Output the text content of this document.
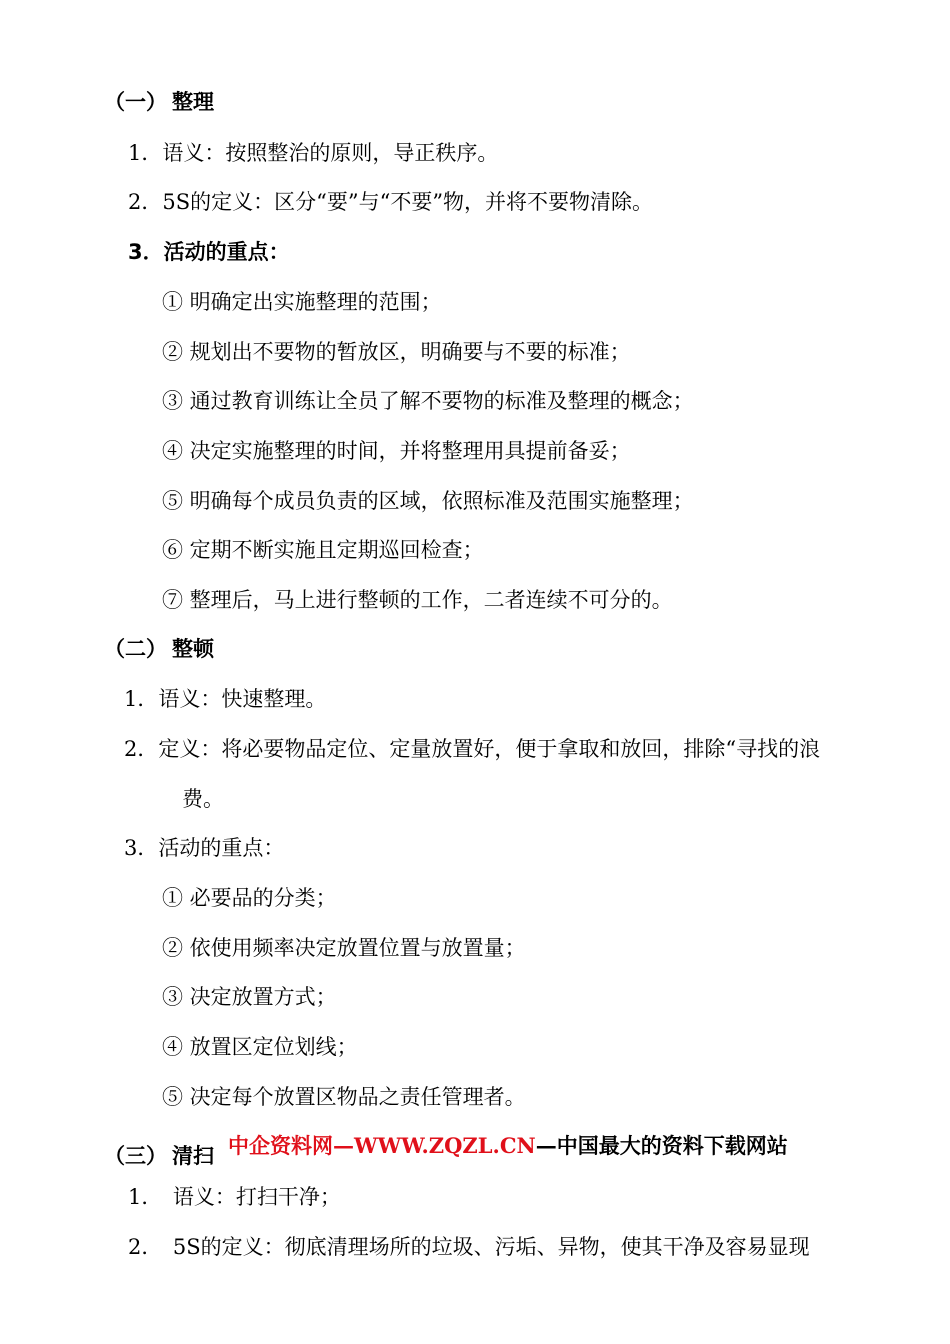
（一） 整理
1．语义：按照整治的原则，导正秩序。
2．5S的定义：区分“要”与“不要”物，并将不要物清除。
3．活动的重点：
① 明确定出实施整理的范围；
② 规划出不要物的暂放区，明确要与不要的标准；
③ 通过教育训练让全员了解不要物的标准及整理的概念；
④ 决定实施整理的时间，并将整理用具提前备妥；
⑤ 明确每个成员负责的区域，依照标准及范围实施整理；
⑥ 定期不断实施且定期巡回检查；
⑦ 整理后，马上进行整顿的工作，二者连续不可分的。
（二） 整顿
1．语义：快速整理。
2．定义：将必要物品定位、定量放置好，便于拿取和放回，排除“寻找的浪
费。
3．活动的重点：
① 必要品的分类；
② 依使用频率决定放置位置与放置量；
③ 决定放置方式；
④ 放置区定位划线；
⑤ 决定每个放置区物品之责任管理者。
（三） 清扫 中企资料网—WWW.ZQZL.CN—中国最大的资料下载网站
1．　语义：打扫干净；
2．　5S的定义：彻底清理场所的垃圾、污垢、异物，使其干净及容易显现
